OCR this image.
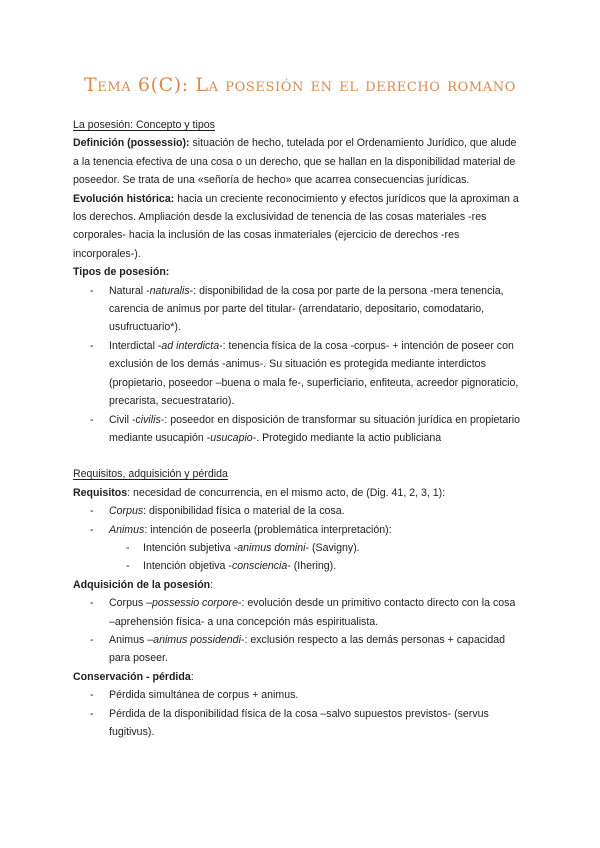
Tema 6(C): La posesión en el derecho romano

La posesión: Concepto y tipos

Definición (possessio): situación de hecho, tutelada por el Ordenamiento Jurídico, que alude a la tenencia efectiva de una cosa o un derecho, que se hallan en la disponibilidad material de poseedor. Se trata de una «señoría de hecho» que acarrea consecuencias jurídicas.

Evolución histórica: hacia un creciente reconocimiento y efectos jurídicos que la aproximan a los derechos. Ampliación desde la exclusividad de tenencia de las cosas materiales -res corporales- hacia la inclusión de las cosas inmateriales (ejercicio de derechos -res incorporales-).

Tipos de posesión:

- Natural -naturalis-: disponibilidad de la cosa por parte de la persona -mera tenencia, carencia de animus por parte del titular- (arrendatario, depositario, comodatario, usufructuario*).
- Interdictal -ad interdicta-: tenencia física de la cosa -corpus- + intención de poseer con exclusión de los demás -animus-. Su situación es protegida mediante interdictos (propietario, poseedor –buena o mala fe-, superficiario, enfiteuta, acreedor pignoraticio, precarista, secuestratario).
- Civil -civilis-: poseedor en disposición de transformar su situación jurídica en propietario mediante usucapión -usucapio-. Protegido mediante la actio publiciana

Requisitos, adquisición y pérdida

Requisitos: necesidad de concurrencia, en el mismo acto, de (Dig. 41, 2, 3, 1):

- Corpus: disponibilidad física o material de la cosa.
- Animus: intención de poseerla (problemática interpretación):
- Intención subjetiva -animus domini- (Savigny).
- Intención objetiva -consciencia- (Ihering).

Adquisición de la posesión:

- Corpus –possessio corpore-: evolución desde un primitivo contacto directo con la cosa –aprehensión física- a una concepción más espiritualista.
- Animus –animus possidendi-: exclusión respecto a las demás personas + capacidad para poseer.

Conservación - pérdida:

- Pérdida simultánea de corpus + animus.
- Pérdida de la disponibilidad física de la cosa –salvo supuestos previstos- (servus fugitivus).
